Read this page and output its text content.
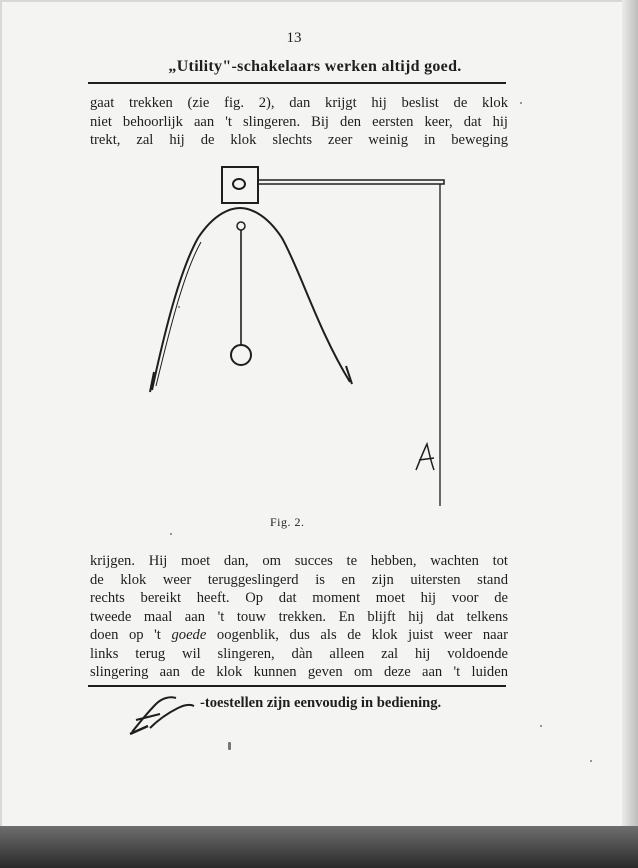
13
„Utility"-schakelaars werken altijd goed.
gaat trekken (zie fig. 2), dan krijgt hij beslist de klok
niet behoorlijk aan 't slingeren. Bij den eersten keer, dat hij
trekt, zal hij de klok slechts zeer weinig in beweging
Fig. 2.
krijgen. Hij moet dan, om succes te hebben, wachten tot
de klok weer teruggeslingerd is en zijn uitersten stand
rechts bereikt heeft. Op dat moment moet hij voor de
tweede maal aan 't touw trekken. En blijft hij dat telkens
doen op 't goede oogenblik, dus als de klok juist weer naar
links terug wil slingeren, dàn alleen zal hij voldoende
slingering aan de klok kunnen geven om deze aan 't luiden
-toestellen zijn eenvoudig in bediening.
